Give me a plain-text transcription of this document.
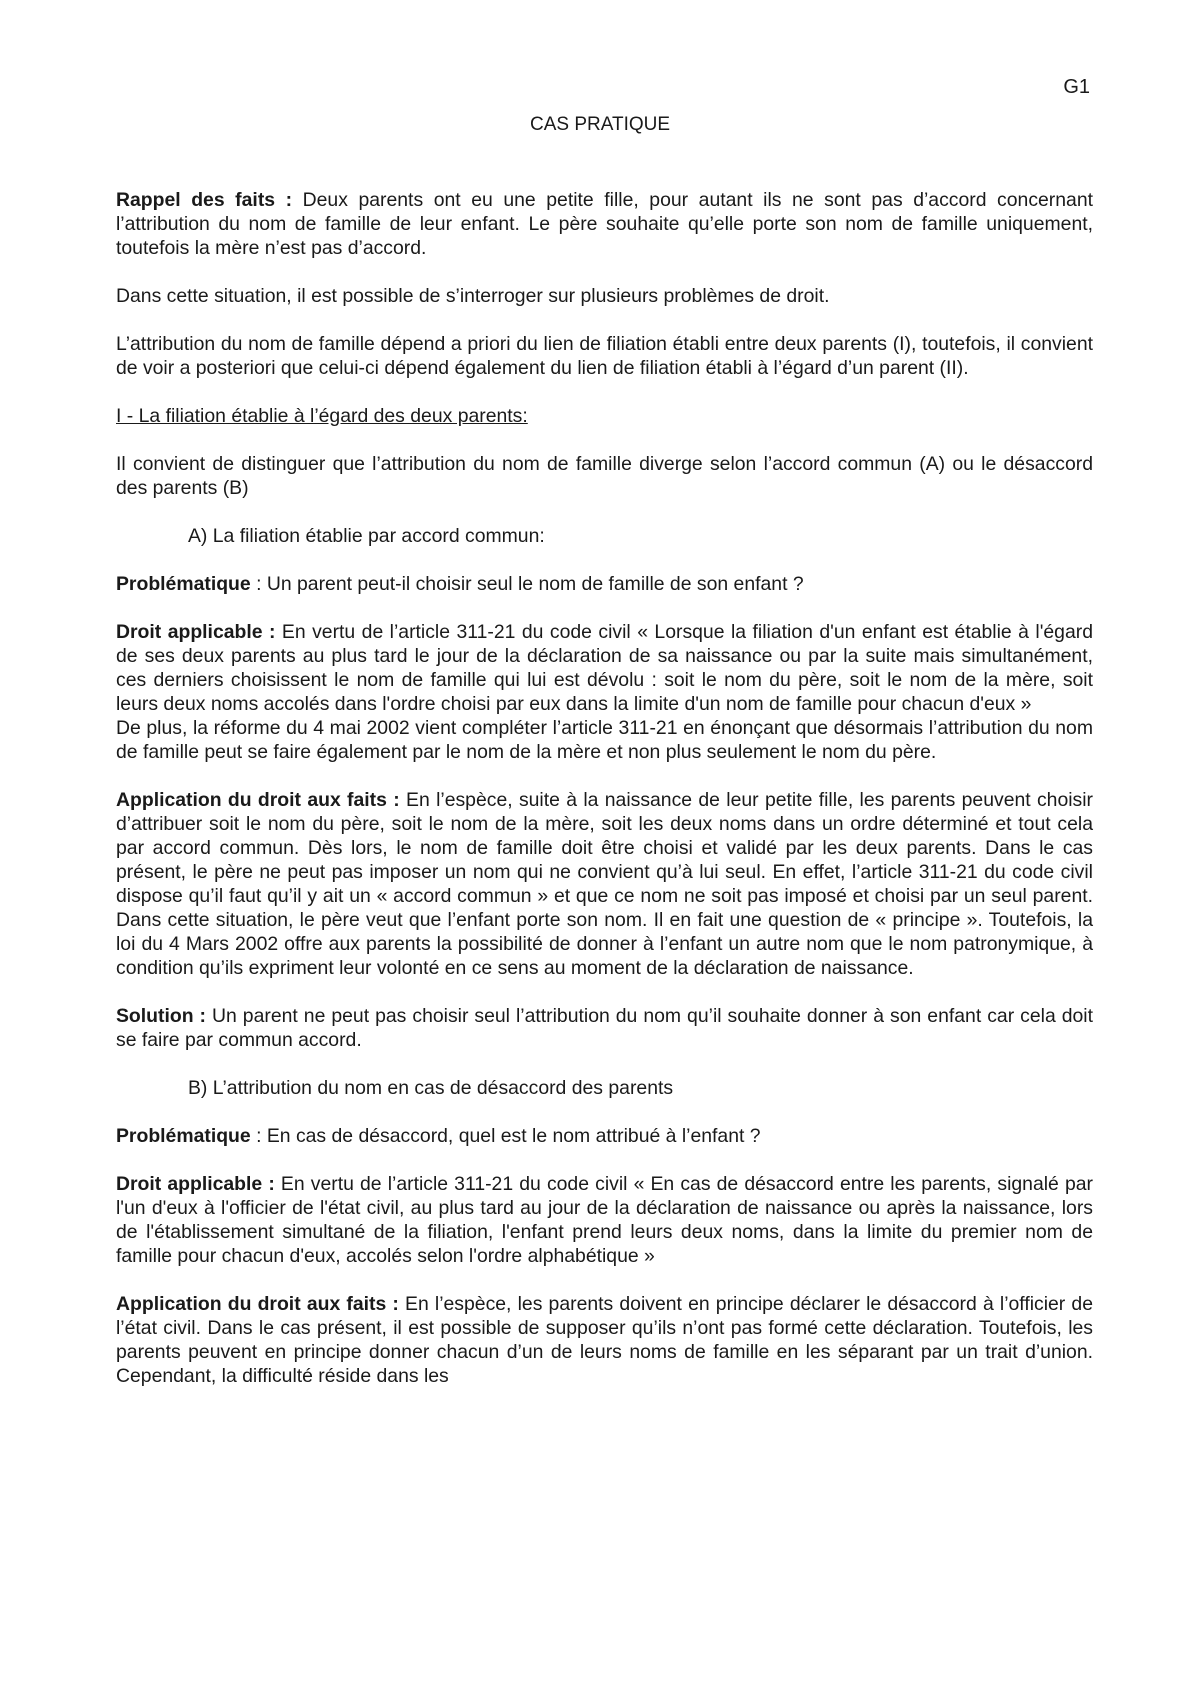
G1
CAS PRATIQUE

Rappel des faits : Deux parents ont eu une petite fille, pour autant ils ne sont pas d’accord concernant l’attribution du nom de famille de leur enfant. Le père souhaite qu’elle porte son nom de famille uniquement, toutefois la mère n’est pas d’accord.

Dans cette situation, il est possible de s’interroger sur plusieurs problèmes de droit.

L’attribution du nom de famille dépend a priori du lien de filiation établi entre deux parents (I), toutefois, il convient de voir a posteriori que celui-ci dépend également du lien de filiation établi à l’égard d’un parent (II).

I - La filiation établie à l’égard des deux parents:

Il convient de distinguer que l’attribution du nom de famille diverge selon l’accord commun (A) ou le désaccord des parents (B)

A) La filiation établie par accord commun:

Problématique : Un parent peut-il choisir seul le nom de famille de son enfant ?

Droit applicable : En vertu de l’article 311-21 du code civil « Lorsque la filiation d'un enfant est établie à l'égard de ses deux parents au plus tard le jour de la déclaration de sa naissance ou par la suite mais simultanément, ces derniers choisissent le nom de famille qui lui est dévolu : soit le nom du père, soit le nom de la mère, soit leurs deux noms accolés dans l'ordre choisi par eux dans la limite d'un nom de famille pour chacun d'eux »

De plus, la réforme du 4 mai 2002 vient compléter l’article 311-21 en énonçant que désormais l’attribution du nom de famille peut se faire également par le nom de la mère et non plus seulement le nom du père.

Application du droit aux faits : En l’espèce, suite à la naissance de leur petite fille, les parents peuvent choisir d’attribuer soit le nom du père, soit le nom de la mère, soit les deux noms dans un ordre déterminé et tout cela par accord commun. Dès lors, le nom de famille doit être choisi et validé par les deux parents. Dans le cas présent, le père ne peut pas imposer un nom qui ne convient qu’à lui seul. En effet, l’article 311-21 du code civil dispose qu’il faut qu’il y ait un « accord commun » et que ce nom ne soit pas imposé et choisi par un seul parent. Dans cette situation, le père veut que l’enfant porte son nom. Il en fait une question de « principe ». Toutefois, la loi du 4 Mars 2002 offre aux parents la possibilité de donner à l’enfant un autre nom que le nom patronymique, à condition qu’ils expriment leur volonté en ce sens au moment de la déclaration de naissance.

Solution : Un parent ne peut pas choisir seul l’attribution du nom qu’il souhaite donner à son enfant car cela doit se faire par commun accord.

B) L’attribution du nom en cas de désaccord des parents

Problématique : En cas de désaccord, quel est le nom attribué à l’enfant ?

Droit applicable : En vertu de l’article 311-21 du code civil « En cas de désaccord entre les parents, signalé par l'un d'eux à l'officier de l'état civil, au plus tard au jour de la déclaration de naissance ou après la naissance, lors de l'établissement simultané de la filiation, l'enfant prend leurs deux noms, dans la limite du premier nom de famille pour chacun d'eux, accolés selon l'ordre alphabétique »

Application du droit aux faits : En l’espèce, les parents doivent en principe déclarer le désaccord à l’officier de l’état civil. Dans le cas présent, il est possible de supposer qu’ils n’ont pas formé cette déclaration. Toutefois, les parents peuvent en principe donner chacun d’un de leurs noms de famille en les séparant par un trait d’union. Cependant, la difficulté réside dans les
